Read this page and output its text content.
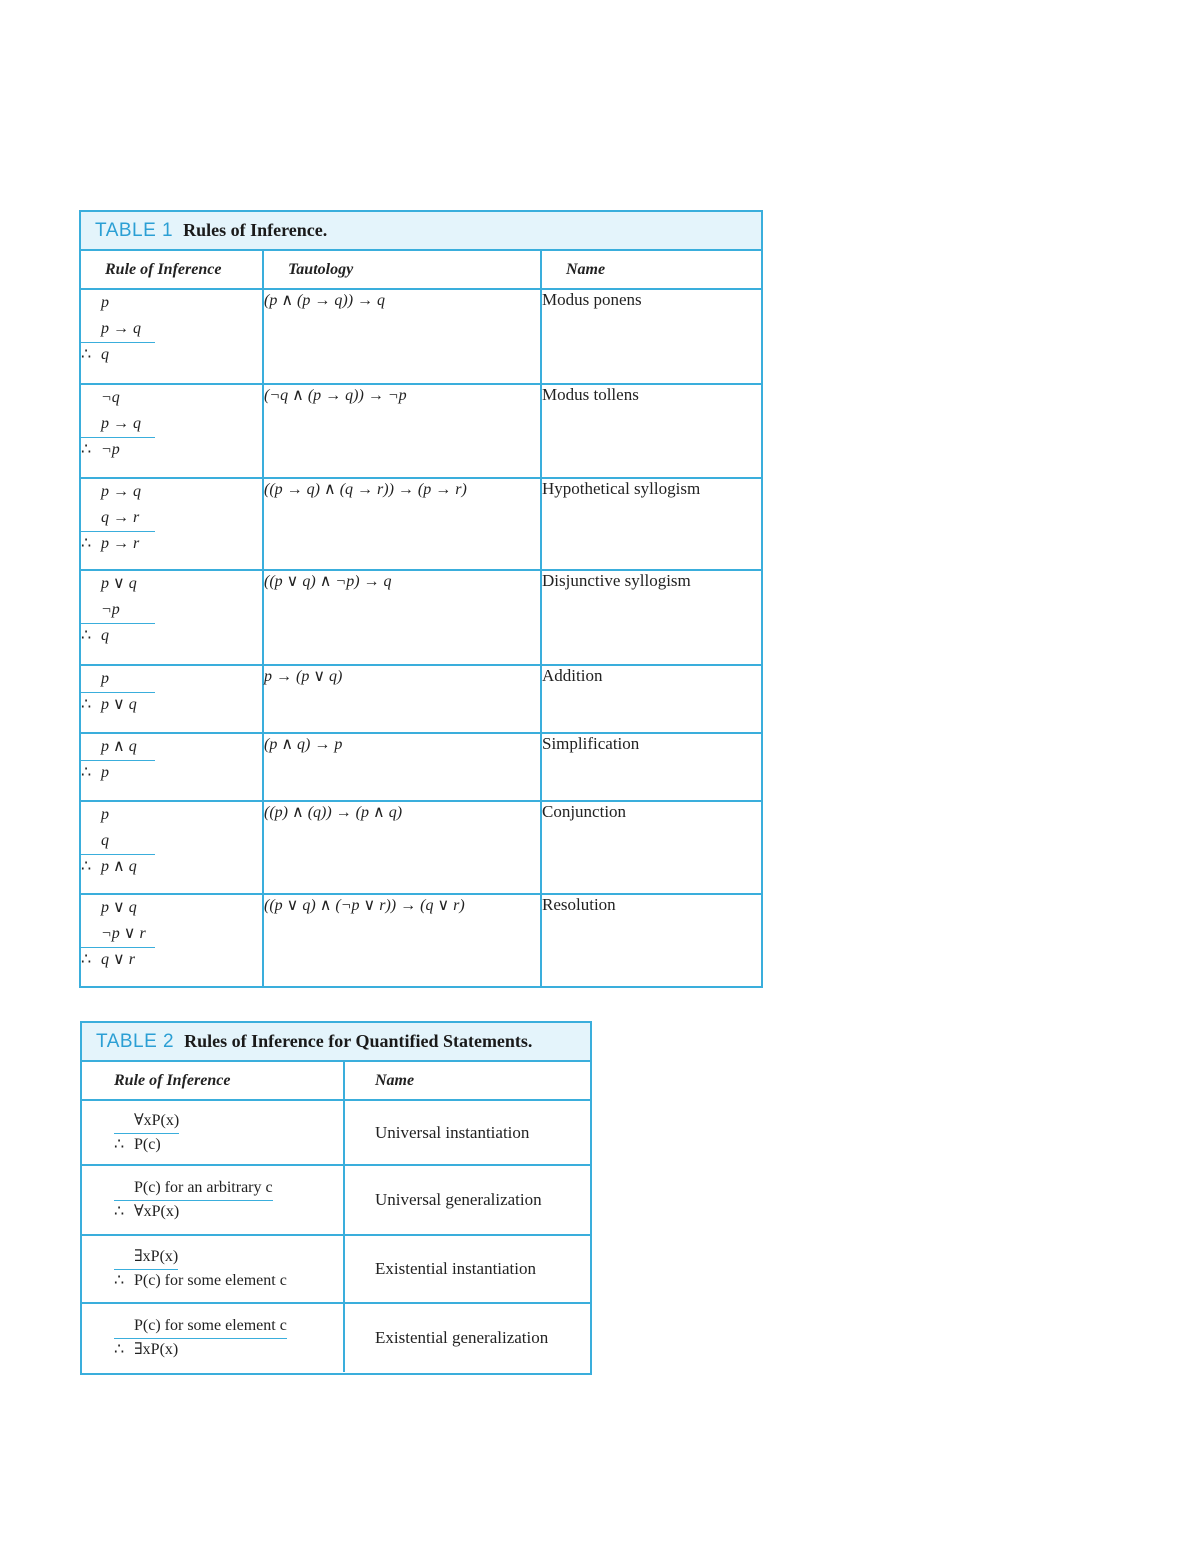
TABLE 1 Rules of Inference.
Rule of Inference	Tautology	Name

p
p → q
∴ q	(p ∧ (p → q)) → q	Modus ponens

¬q
p → q
∴ ¬p	(¬q ∧ (p → q)) → ¬p	Modus tollens

p → q
q → r
∴ p → r	((p → q) ∧ (q → r)) → (p → r)	Hypothetical syllogism

p ∨ q
¬p
∴ q	((p ∨ q) ∧ ¬p) → q	Disjunctive syllogism

p
∴ p ∨ q	p → (p ∨ q)	Addition

p ∧ q
∴ p	(p ∧ q) → p	Simplification

p
q
∴ p ∧ q	((p) ∧ (q)) → (p ∧ q)	Conjunction

p ∨ q
¬p ∨ r
∴ q ∨ r	((p ∨ q) ∧ (¬p ∨ r)) → (q ∨ r)	Resolution
TABLE 2 Rules of Inference for Quantified Statements.
Rule of Inference	Name

∀xP(x)
∴ P(c)	Universal instantiation

P(c) for an arbitrary c
∴ ∀xP(x)	Universal generalization

∃xP(x)
∴ P(c) for some element c	Existential instantiation

P(c) for some element c
∴ ∃xP(x)	Existential generalization
